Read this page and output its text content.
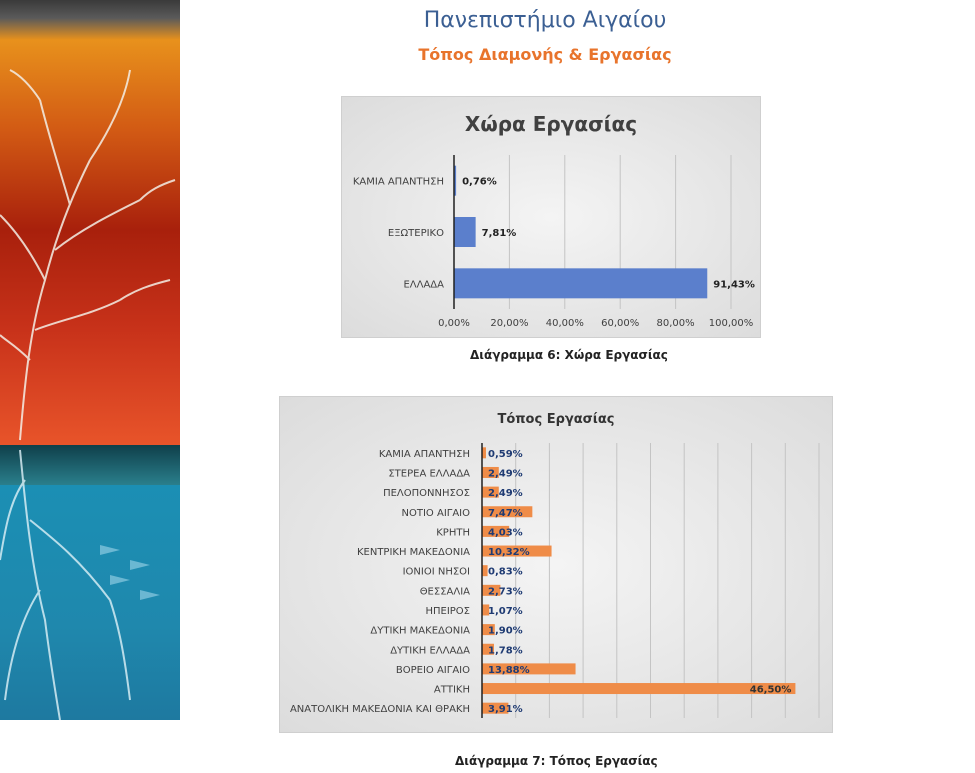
Πανεπιστήμιο Αιγαίου
Τόπος Διαμονής & Εργασίας
Χώρα Εργασίας
0,00% 20,00% 40,00% 60,00% 80,00% 100,00%
ΚΑΜΙΑ ΑΠΑΝΤΗΣΗ 0,76%
ΕΞΩΤΕΡΙΚΟ	7,81%
ΕΛΛΑΔΑ	91,43%
Διάγραμμα 6: Χώρα Εργασίας
Τόπος Εργασίας
ΚΑΜΙΑ ΑΠΑΝΤΗΣΗ 0,59%
ΣΤΕΡΕΑ ΕΛΛΑΔΑ 2,49%
ΠΕΛΟΠΟΝΝΗΣΟΣ 2,49%
ΝΟΤΙΟ ΑΙΓΑΙΟ 7,47%
ΚΡΗΤΗ 4,03%
ΚΕΝΤΡΙΚΗ ΜΑΚΕΔΟΝΙΑ 10,32%
ΙΟΝΙΟΙ ΝΗΣΟΙ 0,83%
ΘΕΣΣΑΛΙΑ 2,73%
ΗΠΕΙΡΟΣ 1,07%
ΔΥΤΙΚΗ ΜΑΚΕΔΟΝΙΑ 1,90%
ΔΥΤΙΚΗ ΕΛΛΑΔΑ 1,78%
ΒΟΡΕΙΟ ΑΙΓΑΙΟ 13,88%
ΑΤΤΙΚΗ	46,50%
ΑΝΑΤΟΛΙΚΗ ΜΑΚΕΔΟΝΙΑ ΚΑΙ ΘΡΑΚΗ 3,91%
Διάγραμμα 7: Τόπος Εργασίας
